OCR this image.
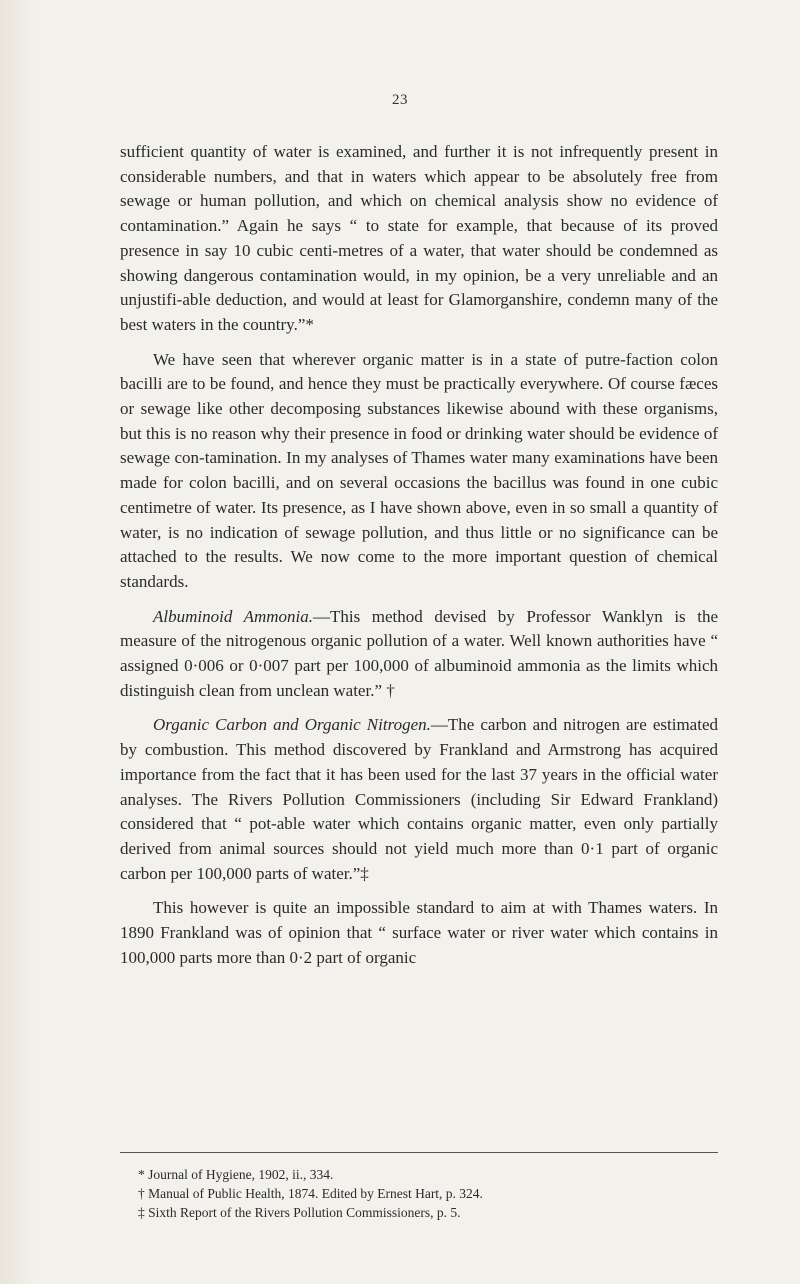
23

sufficient quantity of water is examined, and further it is not infrequently present in considerable numbers, and that in waters which appear to be absolutely free from sewage or human pollution, and which on chemical analysis show no evidence of contamination.” Again he says “ to state for example, that because of its proved presence in say 10 cubic centi-metres of a water, that water should be condemned as showing dangerous contamination would, in my opinion, be a very unreliable and an unjustifi-able deduction, and would at least for Glamorganshire, condemn many of the best waters in the country.”*

We have seen that wherever organic matter is in a state of putre-faction colon bacilli are to be found, and hence they must be practically everywhere. Of course fæces or sewage like other decomposing substances likewise abound with these organisms, but this is no reason why their presence in food or drinking water should be evidence of sewage con-tamination. In my analyses of Thames water many examinations have been made for colon bacilli, and on several occasions the bacillus was found in one cubic centimetre of water. Its presence, as I have shown above, even in so small a quantity of water, is no indication of sewage pollution, and thus little or no significance can be attached to the results. We now come to the more important question of chemical standards.

Albuminoid Ammonia.—This method devised by Professor Wanklyn is the measure of the nitrogenous organic pollution of a water. Well known authorities have “ assigned 0·006 or 0·007 part per 100,000 of albuminoid ammonia as the limits which distinguish clean from unclean water.” †

Organic Carbon and Organic Nitrogen.—The carbon and nitrogen are estimated by combustion. This method discovered by Frankland and Armstrong has acquired importance from the fact that it has been used for the last 37 years in the official water analyses. The Rivers Pollution Commissioners (including Sir Edward Frankland) considered that “ pot-able water which contains organic matter, even only partially derived from animal sources should not yield much more than 0·1 part of organic carbon per 100,000 parts of water.”‡

This however is quite an impossible standard to aim at with Thames waters. In 1890 Frankland was of opinion that “ surface water or river water which contains in 100,000 parts more than 0·2 part of organic

* Journal of Hygiene, 1902, ii., 334.
† Manual of Public Health, 1874. Edited by Ernest Hart, p. 324.
‡ Sixth Report of the Rivers Pollution Commissioners, p. 5.
